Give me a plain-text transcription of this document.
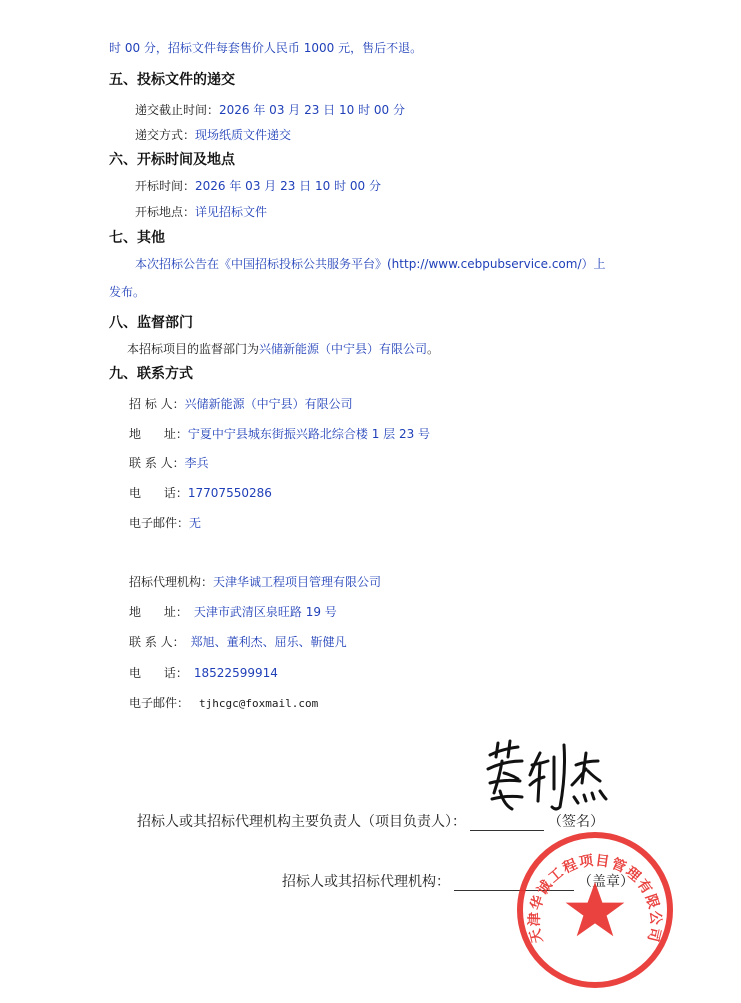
时 00 分，招标文件每套售价人民币 1000 元，售后不退。
五、投标文件的递交
递交截止时间：2026 年 03 月 23 日 10 时 00 分
递交方式：现场纸质文件递交
六、开标时间及地点
开标时间：2026 年 03 月 23 日 10 时 00 分
开标地点：详见招标文件
七、其他
本次招标公告在《中国招标投标公共服务平台》(http://www.cebpubservice.com/）上
发布。
八、监督部门
本招标项目的监督部门为兴储新能源（中宁县）有限公司。
九、联系方式
招 标 人：兴储新能源（中宁县）有限公司
地      址：宁夏中宁县城东街振兴路北综合楼 1 层 23 号
联 系 人：李兵
电      话：17707550286
电子邮件：无
招标代理机构：天津华诚工程项目管理有限公司
地      址： 天津市武清区泉旺路 19 号
联 系 人： 郑旭、董利杰、屈乐、靳健凡
电      话： 18522599914
电子邮件： tjhcgc@foxmail.com
招标人或其招标代理机构主要负责人（项目负责人）：	（签名）
招标人或其招标代理机构：	（盖章）
天津华诚工程项目管理有限公司
